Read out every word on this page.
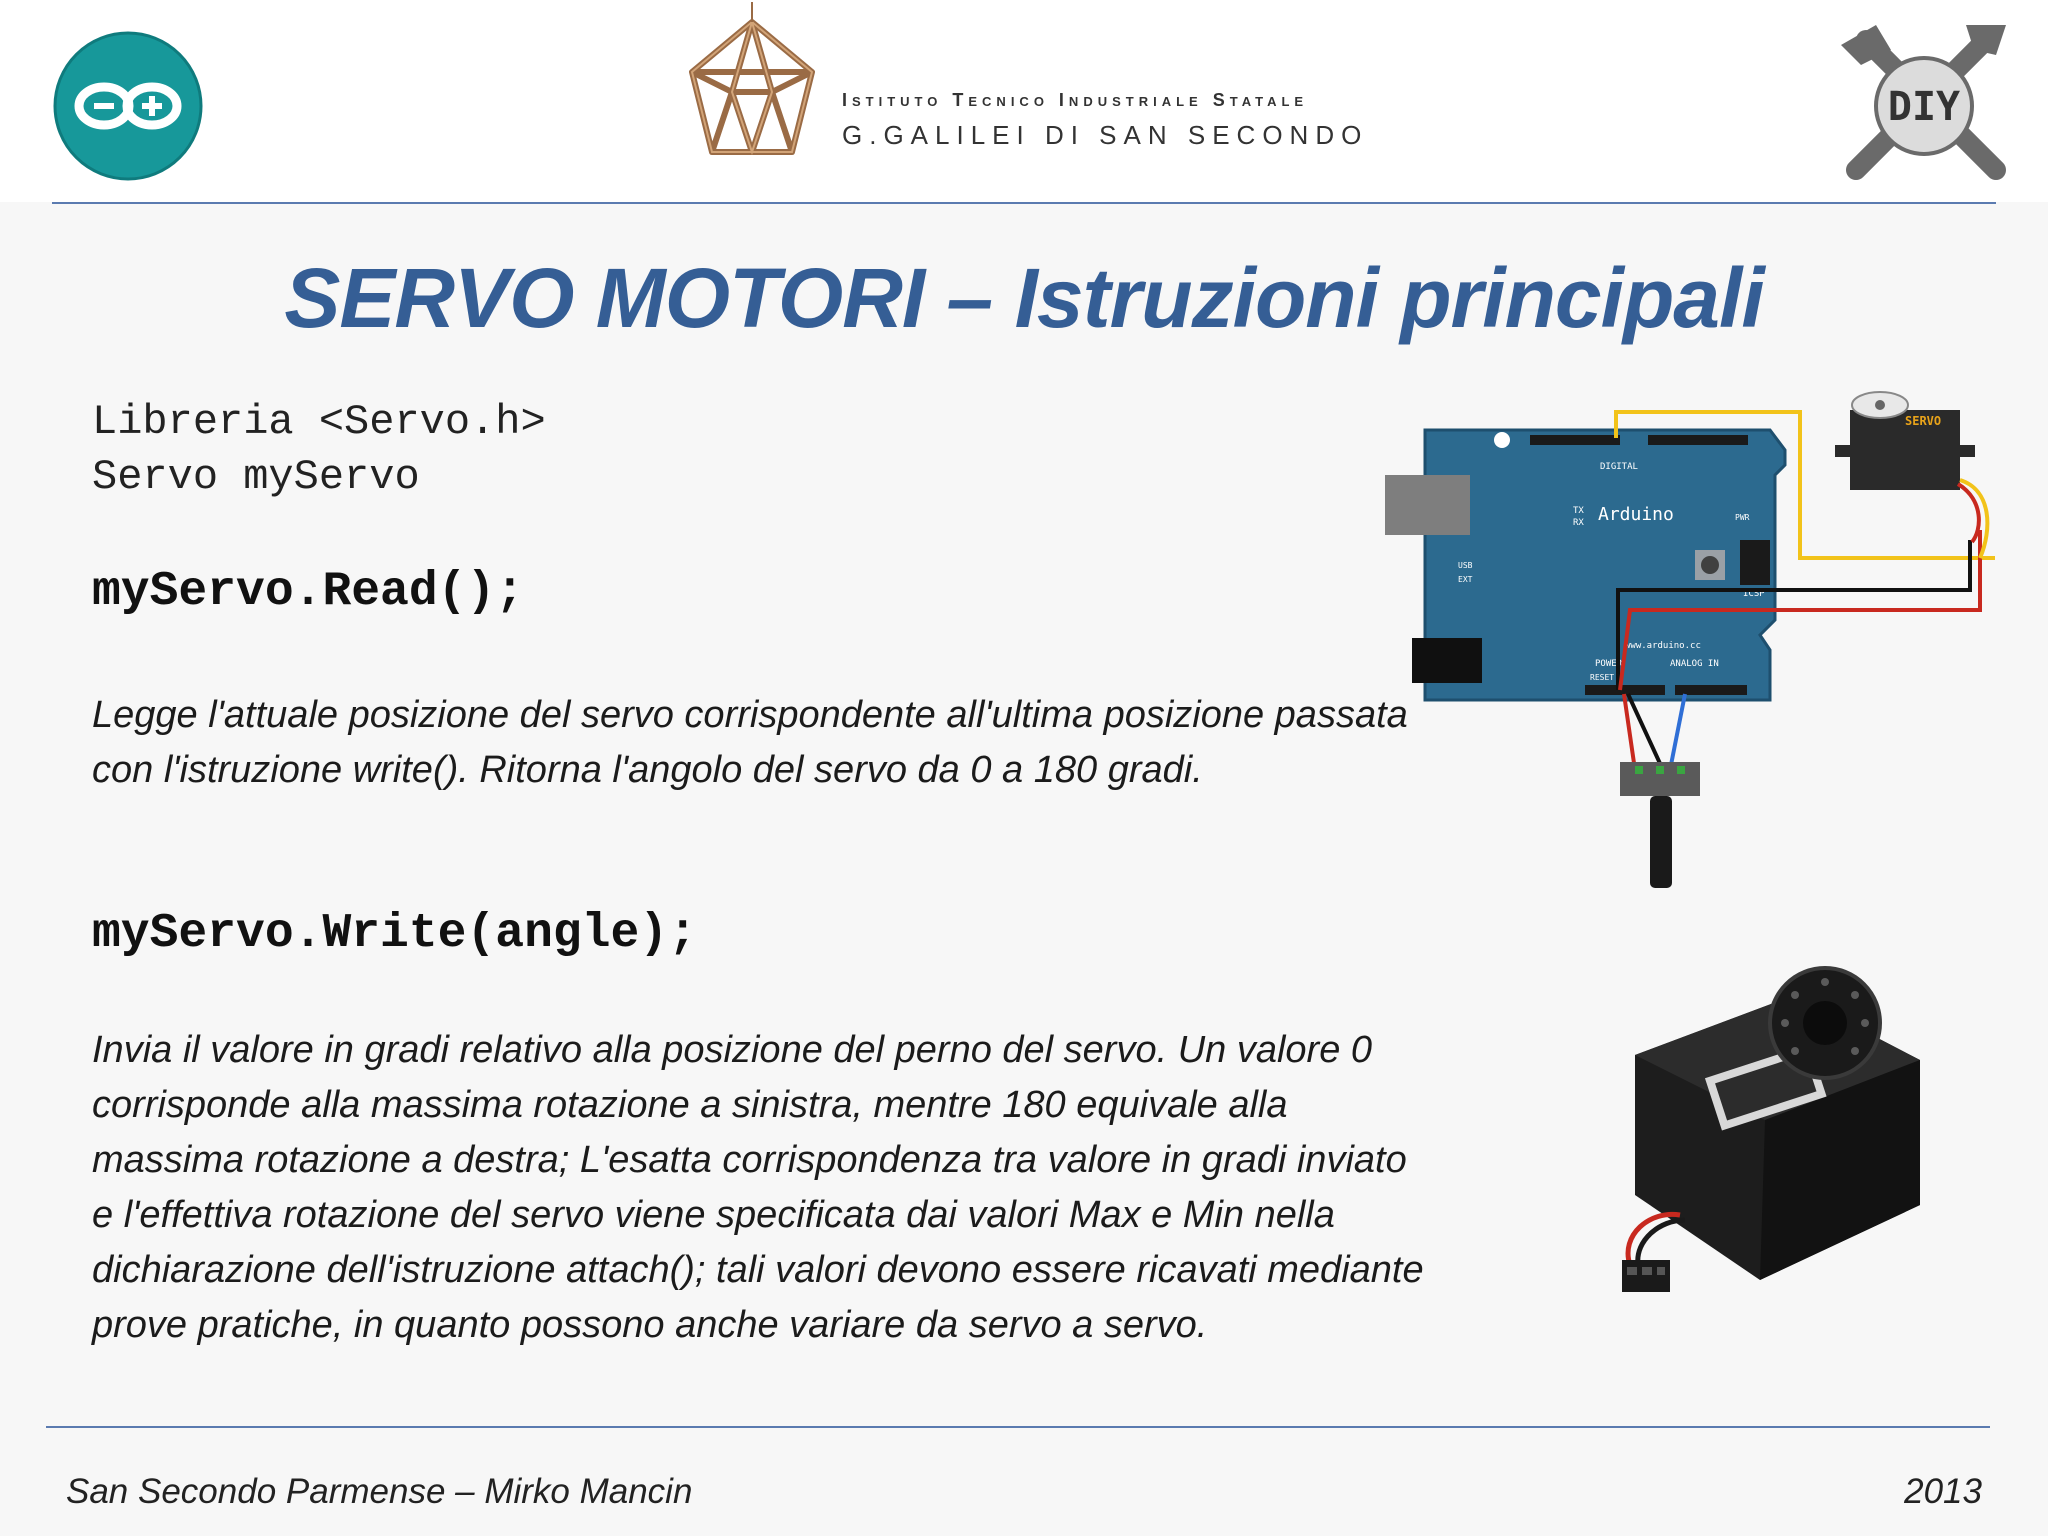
Istituto Tecnico Industriale Statale
G.GALILEI DI SAN SECONDO
DIY
SERVO MOTORI – Istruzioni principali
Libreria <Servo.h>
Servo myServo
myServo.Read();
Legge l'attuale posizione del servo corrispondente all'ultima posizione passata con l'istruzione write(). Ritorna l'angolo del servo da 0 a 180 gradi.
myServo.Write(angle);
Invia il valore in gradi relativo alla posizione del perno del servo. Un valore 0 corrisponde alla massima rotazione a sinistra, mentre 180 equivale alla massima rotazione a destra; L'esatta corrispondenza tra valore in gradi inviato e l'effettiva rotazione del servo viene specificata dai valori Max e Min nella dichiarazione dell'istruzione attach(); tali valori devono essere ricavati mediante prove pratiche, in quanto possono anche variare da servo a servo.
Arduino
DIGITAL
ANALOG IN
POWER
www.arduino.cc
ICSP
RESET
USB
EXT
TX
RX
PWR
SERVO
San Secondo Parmense – Mirko Mancin	2013
